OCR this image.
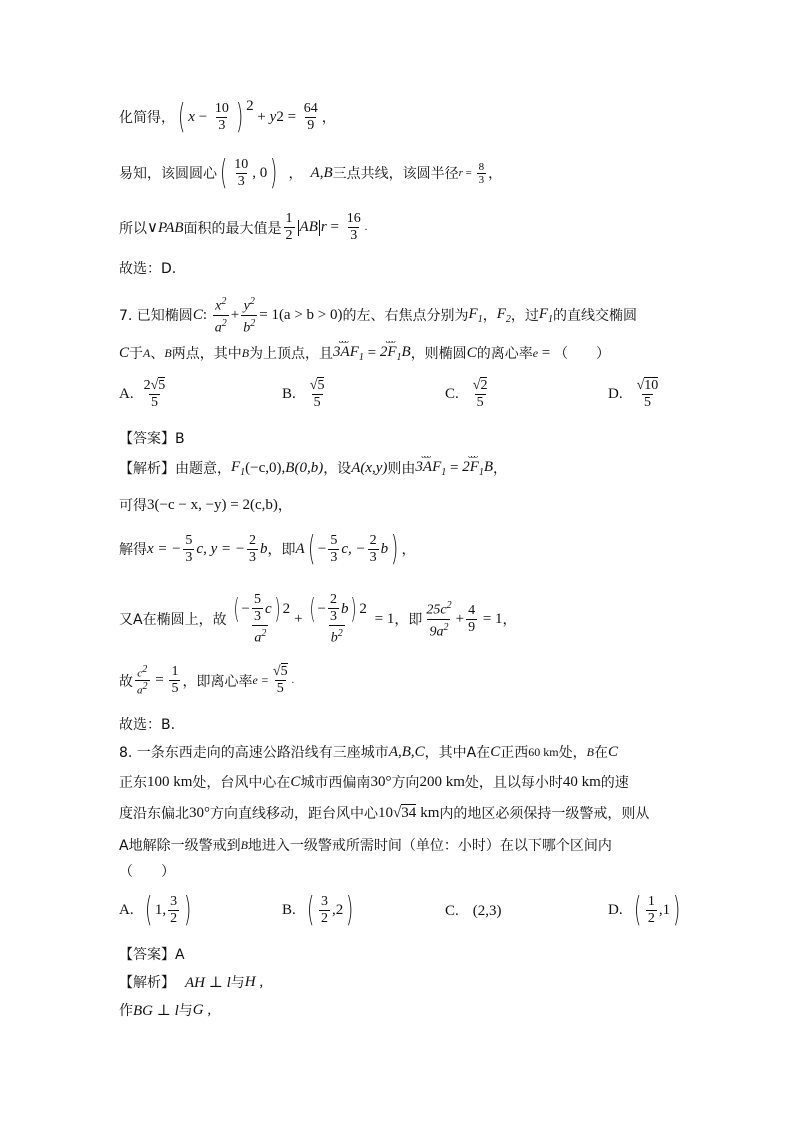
化简得， ( $x - \frac{10}{3}$ ) 2
+ y $2 = \frac{64}{9}$ ，
易知，该圆圆心 ( $\frac{10}{3}$ , 0 ) ， A,B 三点共线，该圆半径 $r = \frac{8}{3}$ ，
所以 ∨PAB 面积的最大值是 $\frac{1}{2}$ AB $r = \frac{16}{3}$ .
故选：D.
7. 已知椭圆 C : $\frac{x^2}{a^2} + \frac{y^2}{b^2} = 1(a > b > 0)$ 的左、右焦点分别为 $F_1$ ， $F_2$ ，过 $F_1$ 的直线交椭圆
C 于 A 、 B 两点，其中 B 为上顶点，且 ᴗᴗᴗ $3AF_1$ = ᴗᴗᴗ $2F_1B$ ，则椭圆 C 的离心率 e = （　　）
A. $\frac{2√5}{5}$	B. $\frac{√5}{5}$	C. $\frac{√2}{5}$	D. $\frac{√10}{5}$
【答案】B
【解析】由题意， $F_1$ (−c,0), B(0,b) ，设 A(x,y) 则由 ᴗᴗᴗ $3AF_1$ = ᴗᴗᴗ $2F_1B$ ，
可得 3(−c − x, −y) = 2(c,b) ，
解得 x = − $\frac{5}{3}$ c , y = − $\frac{2}{3}$ b ，即 A ( − $\frac{5}{3} c$, − $\frac{2}{3}$ b ) ，
又A在椭圆上，故 $\frac{( - \frac{5}{3} c ) 2}{a^2} + \frac{( - \frac{2}{3} b ) 2}{b^2} = 1$ ，即 $\frac{25c^2}{9a^2} + \frac{4}{9} = 1$ ，
故 $\frac{c^2}{a^2} = \frac{1}{5}$ ，即离心率 $e = \frac{√5}{5}$ .
故选：B.
8. 一条东西走向的高速公路沿线有三座城市 A,B,C ，其中A在 C 正西 60 km 处， B 在 C
正东 100 km 处，台风中心在 C 城市西偏南 30° 方向 200 km 处，且以每小时 40 km 的速
度沿东偏北 30° 方向直线移动，距台风中心 10 √ 34 km 内的地区必须保持一级警戒，则从
A地解除一级警戒到 B 地进入一级警戒所需时间（单位：小时）在以下哪个区间内
（　　）
A. ( 1, $\frac{3}{2}$ )	B. ( $\frac{3}{2} ,2$ )	C. (2,3)	D. ( $\frac{1}{2} ,1$ )
【答案】A
【解析】 AH ⊥ l 与 H ,
作 BG ⊥ l 与 G ,
